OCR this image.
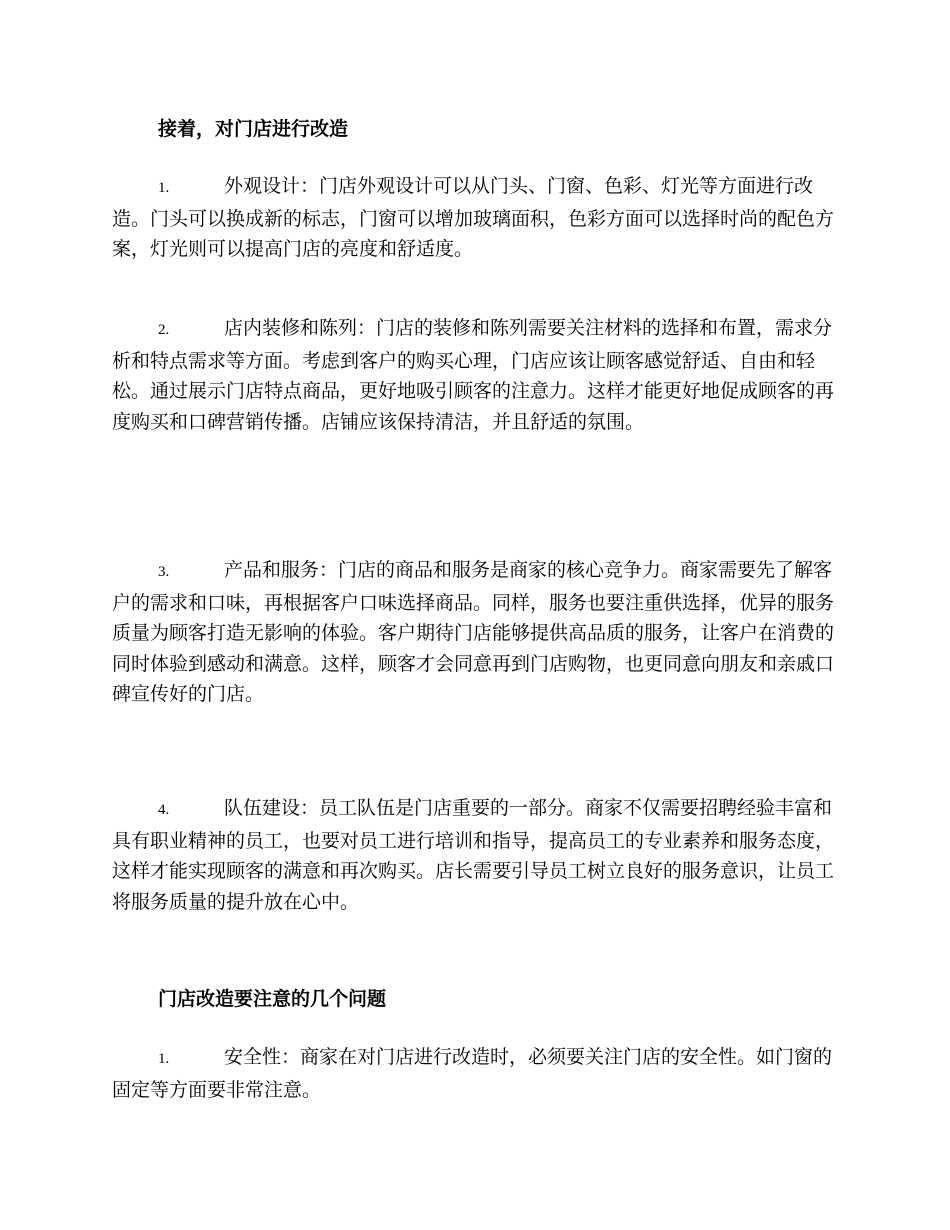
接着，对门店进行改造

1.	外观设计：门店外观设计可以从门头、门窗、色彩、灯光等方面进行改造。门头可以换成新的标志，门窗可以增加玻璃面积，色彩方面可以选择时尚的配色方案，灯光则可以提高门店的亮度和舒适度。

2.	店内装修和陈列：门店的装修和陈列需要关注材料的选择和布置，需求分析和特点需求等方面。考虑到客户的购买心理，门店应该让顾客感觉舒适、自由和轻松。通过展示门店特点商品，更好地吸引顾客的注意力。这样才能更好地促成顾客的再度购买和口碑营销传播。店铺应该保持清洁，并且舒适的氛围。

3.	产品和服务：门店的商品和服务是商家的核心竞争力。商家需要先了解客户的需求和口味，再根据客户口味选择商品。同样，服务也要注重供选择，优异的服务质量为顾客打造无影响的体验。客户期待门店能够提供高品质的服务，让客户在消费的同时体验到感动和满意。这样，顾客才会同意再到门店购物，也更同意向朋友和亲戚口碑宣传好的门店。

4.	队伍建设：员工队伍是门店重要的一部分。商家不仅需要招聘经验丰富和具有职业精神的员工，也要对员工进行培训和指导，提高员工的专业素养和服务态度，这样才能实现顾客的满意和再次购买。店长需要引导员工树立良好的服务意识，让员工将服务质量的提升放在心中。

门店改造要注意的几个问题

1.	安全性：商家在对门店进行改造时，必须要关注门店的安全性。如门窗的固定等方面要非常注意。
